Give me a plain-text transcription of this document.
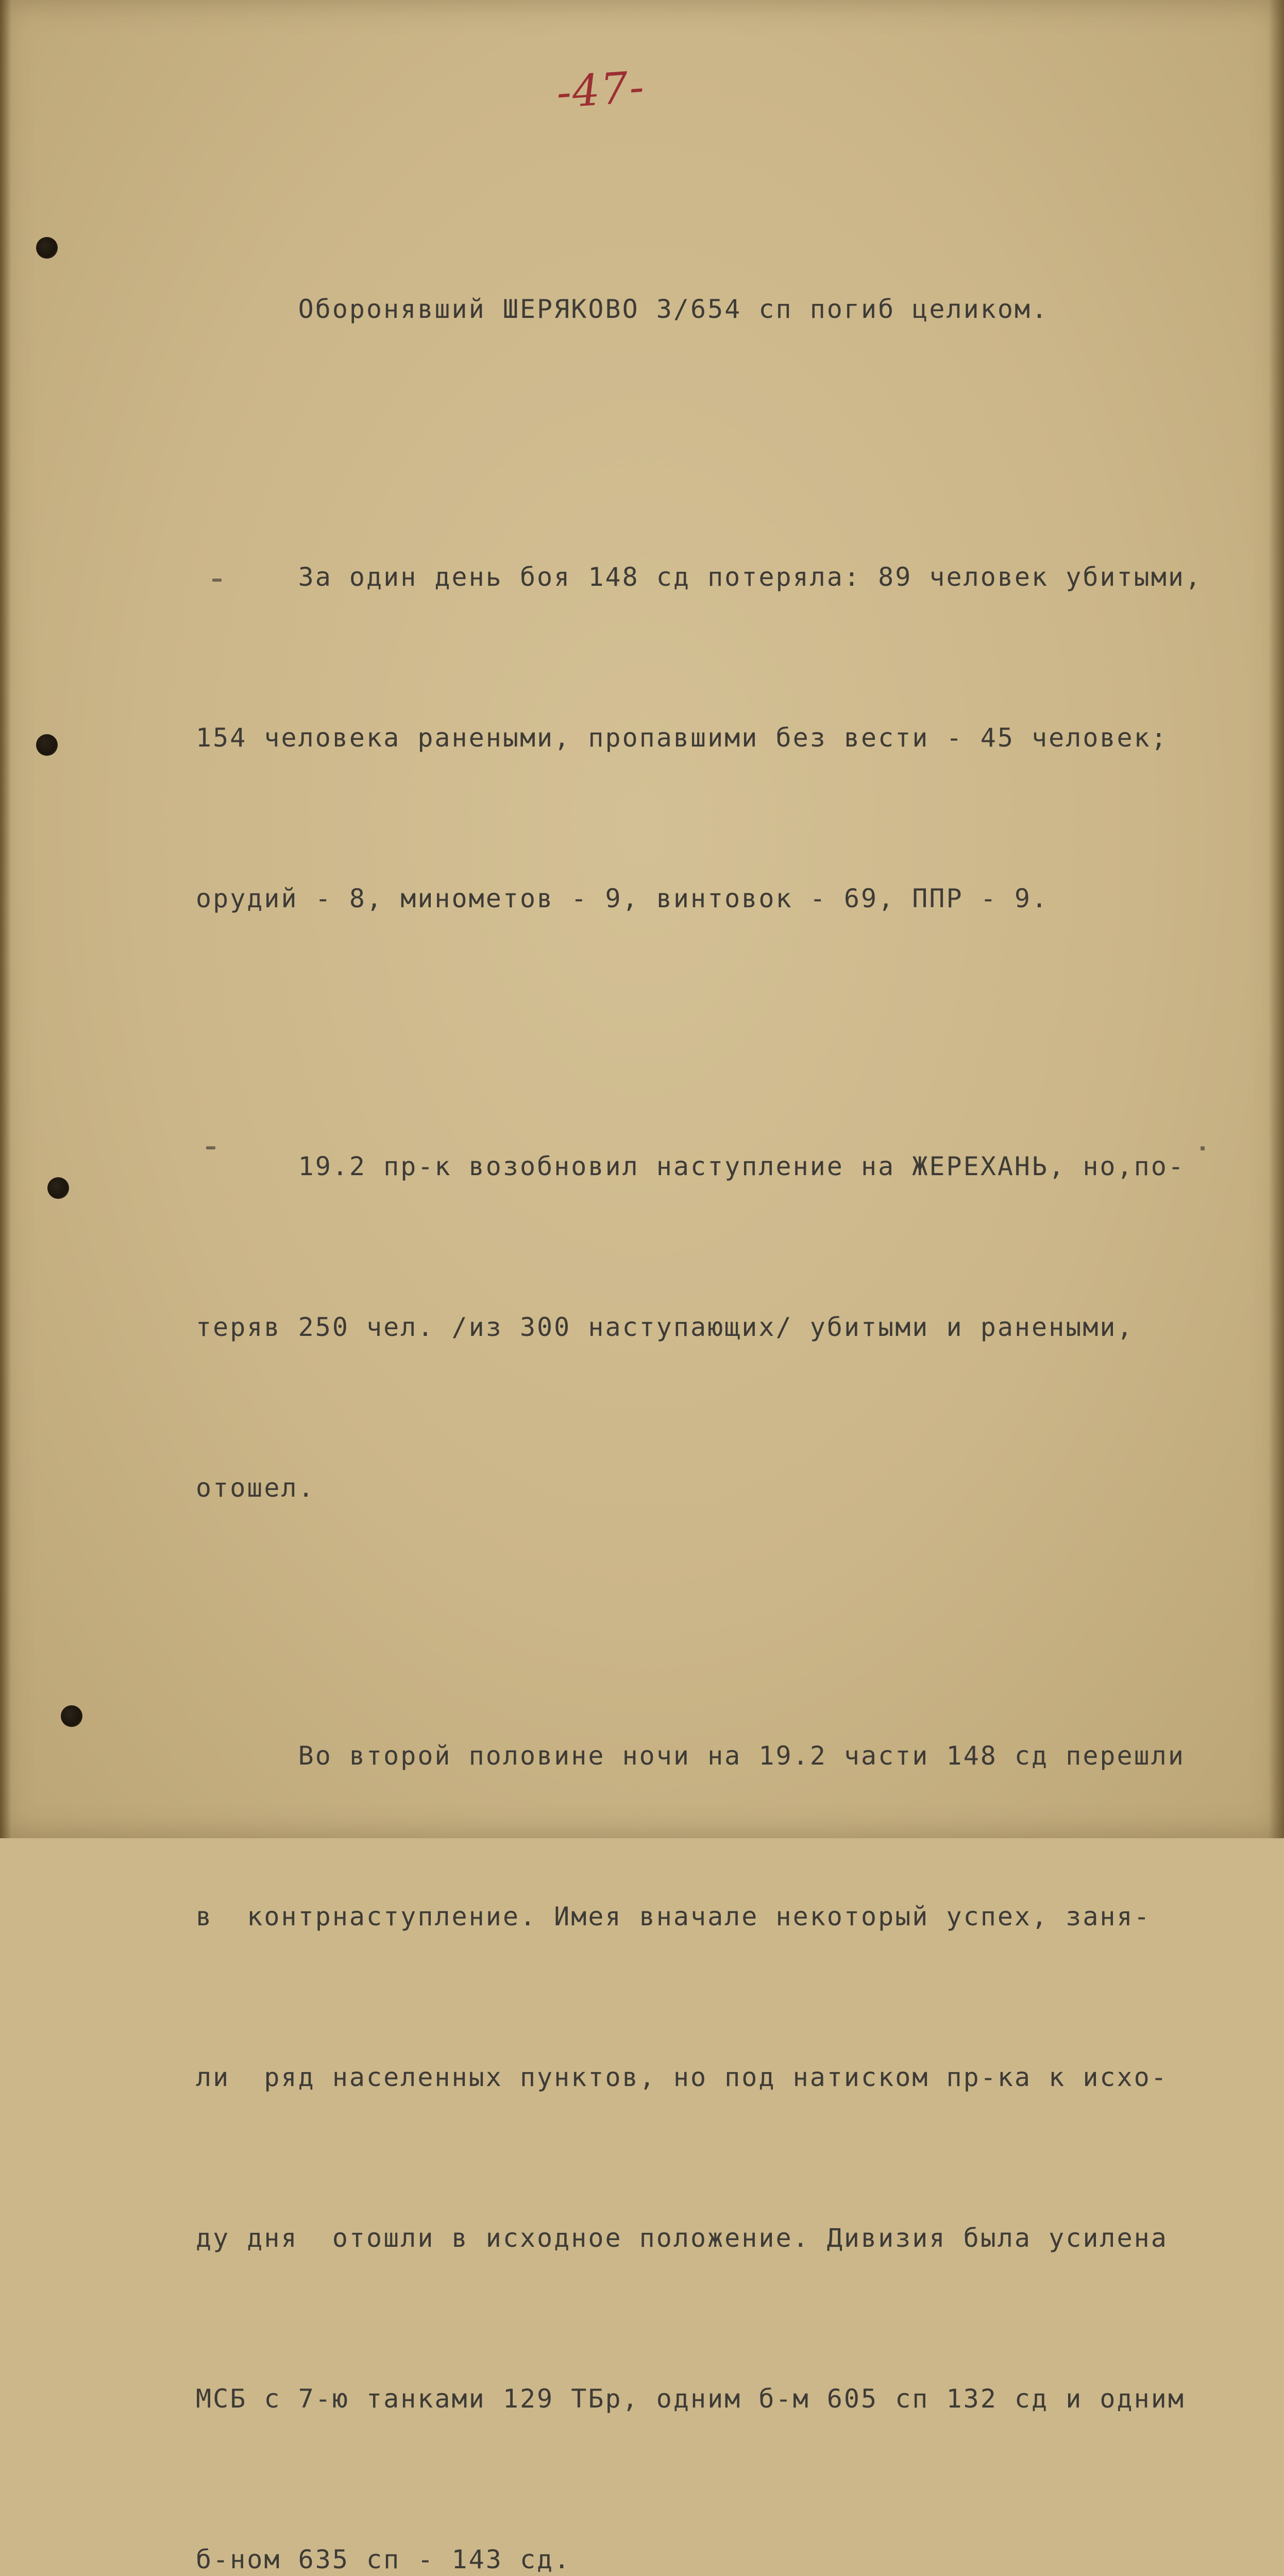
-47-

Оборонявший ШЕРЯКОВО 3/654 сп погиб целиком.

За один день боя 148 сд потеряла: 89 человек убитыми,

154 человека ранеными, пропавшими без вести - 45 человек;

орудий - 8, минометов - 9, винтовок - 69, ППР - 9.

19.2 пр-к возобновил наступление на ЖЕРЕХАНЬ, но,по-

теряв 250 чел. /из 300 наступающих/ убитыми и ранеными,

отошел.

Во второй половине ночи на 19.2 части 148 сд перешли

в  контрнаступление. Имея вначале некоторый успех, заня-

ли  ряд населенных пунктов, но под натиском пр-ка к исхо-

ду дня  отошли в исходное положение. Дивизия была усилена

МСБ с 7-ю танками 129 ТБр, одним б-м 605 сп 132 сд и одним

б-ном 635 сп - 143 сд.
